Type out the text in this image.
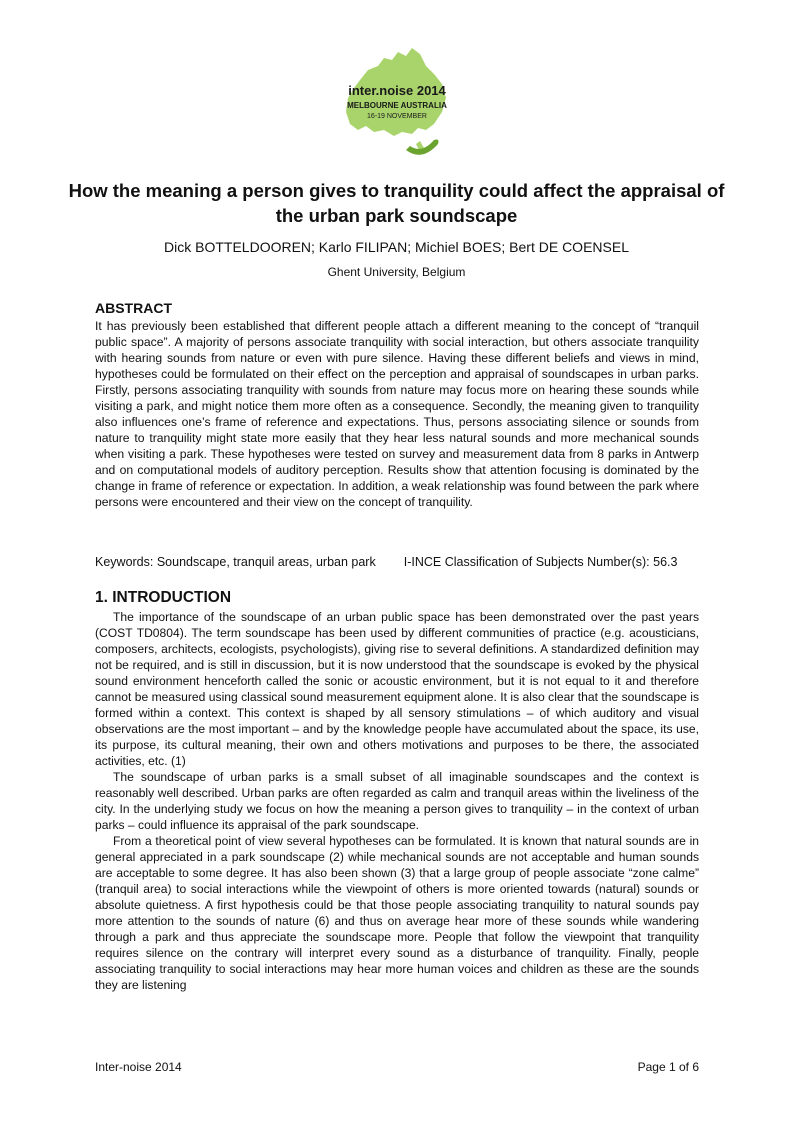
inter.noise 2014
MELBOURNE AUSTRALIA
16-19 NOVEMBER
How the meaning a person gives to tranquility could affect the appraisal of the urban park soundscape
Dick BOTTELDOOREN; Karlo FILIPAN; Michiel BOES; Bert DE COENSEL
Ghent University, Belgium
ABSTRACT
It has previously been established that different people attach a different meaning to the concept of “tranquil public space”. A majority of persons associate tranquility with social interaction, but others associate tranquility with hearing sounds from nature or even with pure silence. Having these different beliefs and views in mind, hypotheses could be formulated on their effect on the perception and appraisal of soundscapes in urban parks. Firstly, persons associating tranquility with sounds from nature may focus more on hearing these sounds while visiting a park, and might notice them more often as a consequence. Secondly, the meaning given to tranquility also influences one’s frame of reference and expectations. Thus, persons associating silence or sounds from nature to tranquility might state more easily that they hear less natural sounds and more mechanical sounds when visiting a park. These hypotheses were tested on survey and measurement data from 8 parks in Antwerp and on computational models of auditory perception. Results show that attention focusing is dominated by the change in frame of reference or expectation. In addition, a weak relationship was found between the park where persons were encountered and their view on the concept of tranquility.
Keywords: Soundscape, tranquil areas, urban park I-INCE Classification of Subjects Number(s): 56.3
1. INTRODUCTION

The importance of the soundscape of an urban public space has been demonstrated over the past years (COST TD0804). The term soundscape has been used by different communities of practice (e.g. acousticians, composers, architects, ecologists, psychologists), giving rise to several definitions. A standardized definition may not be required, and is still in discussion, but it is now understood that the soundscape is evoked by the physical sound environment henceforth called the sonic or acoustic environment, but it is not equal to it and therefore cannot be measured using classical sound measurement equipment alone. It is also clear that the soundscape is formed within a context. This context is shaped by all sensory stimulations – of which auditory and visual observations are the most important – and by the knowledge people have accumulated about the space, its use, its purpose, its cultural meaning, their own and others motivations and purposes to be there, the associated activities, etc. (1)

The soundscape of urban parks is a small subset of all imaginable soundscapes and the context is reasonably well described. Urban parks are often regarded as calm and tranquil areas within the liveliness of the city. In the underlying study we focus on how the meaning a person gives to tranquility – in the context of urban parks – could influence its appraisal of the park soundscape.

From a theoretical point of view several hypotheses can be formulated. It is known that natural sounds are in general appreciated in a park soundscape (2) while mechanical sounds are not acceptable and human sounds are acceptable to some degree. It has also been shown (3) that a large group of people associate “zone calme” (tranquil area) to social interactions while the viewpoint of others is more oriented towards (natural) sounds or absolute quietness. A first hypothesis could be that those people associating tranquility to natural sounds pay more attention to the sounds of nature (6) and thus on average hear more of these sounds while wandering through a park and thus appreciate the soundscape more. People that follow the viewpoint that tranquility requires silence on the contrary will interpret every sound as a disturbance of tranquility. Finally, people associating tranquility to social interactions may hear more human voices and children as these are the sounds they are listening

Inter-noise 2014	Page 1 of 6
